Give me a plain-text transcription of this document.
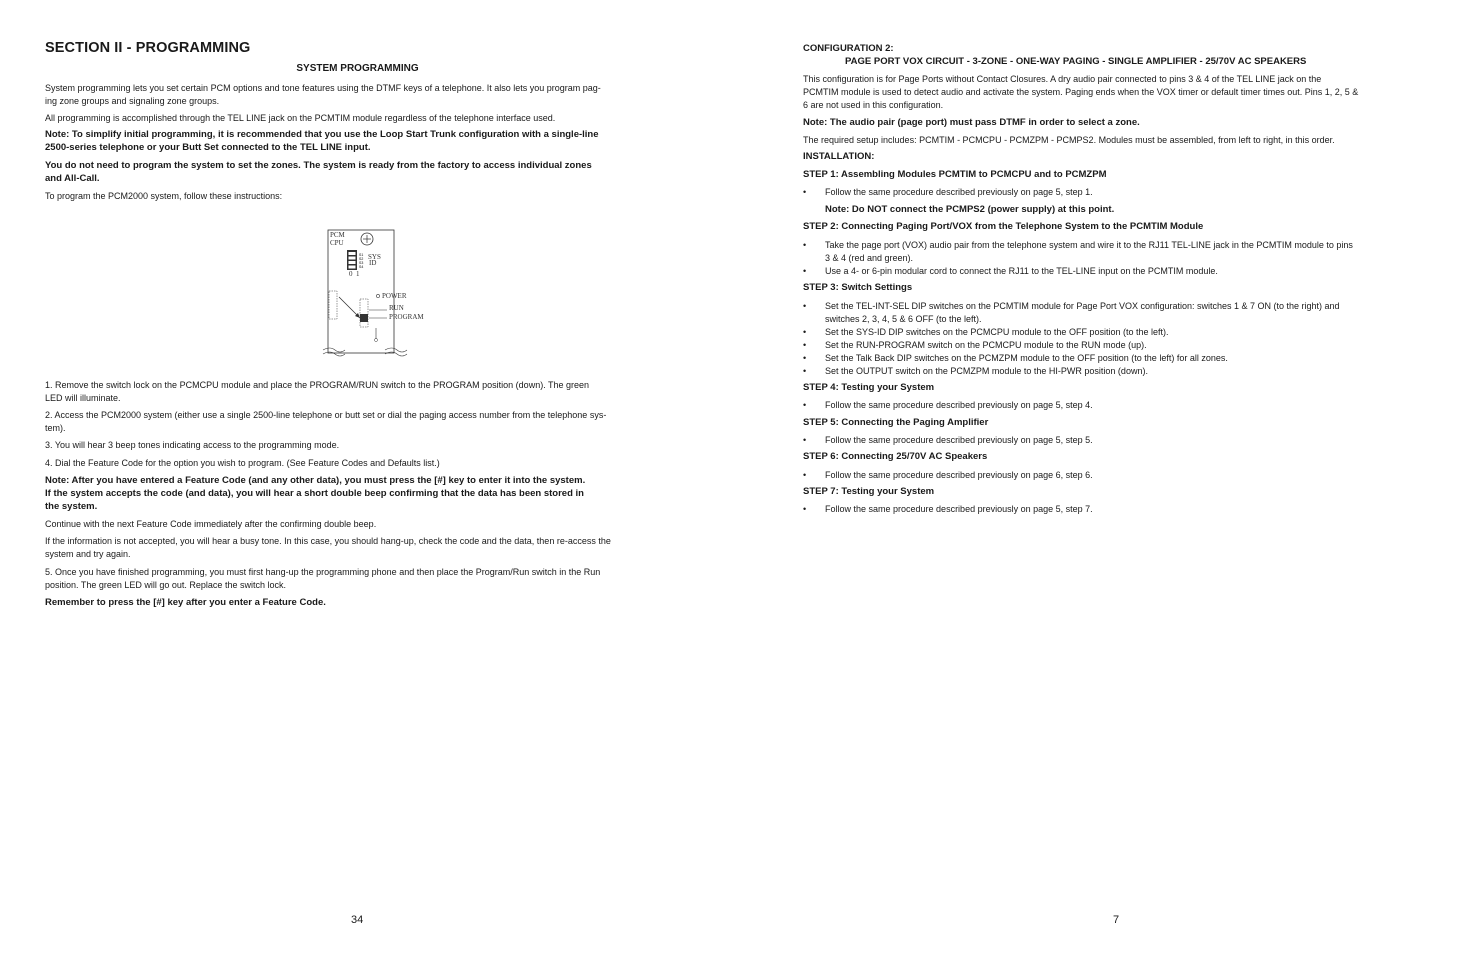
SECTION II - PROGRAMMING
SYSTEM PROGRAMMING
System programming lets you set certain PCM options and tone features using the DTMF keys of a telephone. It also lets you program pag-
ing zone groups and signaling zone groups.
All programming is accomplished through the TEL LINE jack on the PCMTIM module regardless of the telephone interface used.
Note: To simplify initial programming, it is recommended that you use the Loop Start Trunk configuration with a single-line
2500-series telephone or your Butt Set connected to the TEL LINE input.
You do not need to program the system to set the zones. The system is ready from the factory to access individual zones
and All-Call.
To program the PCM2000 system, follow these instructions:
PCM
CPU
S1
S2
S3
S4
SYS
ID
0 1
POWER
RUN
PROGRAM
1. Remove the switch lock on the PCMCPU module and place the PROGRAM/RUN switch to the PROGRAM position (down). The green
LED will illuminate.
2. Access the PCM2000 system (either use a single 2500-line telephone or butt set or dial the paging access number from the telephone sys-
tem).
3. You will hear 3 beep tones indicating access to the programming mode.
4. Dial the Feature Code for the option you wish to program. (See Feature Codes and Defaults list.)
Note: After you have entered a Feature Code (and any other data), you must press the [#] key to enter it into the system.
If the system accepts the code (and data), you will hear a short double beep confirming that the data has been stored in
the system.
Continue with the next Feature Code immediately after the confirming double beep.
If the information is not accepted, you will hear a busy tone. In this case, you should hang-up, check the code and the data, then re-access the
system and try again.
5. Once you have finished programming, you must first hang-up the programming phone and then place the Program/Run switch in the Run
position. The green LED will go out. Replace the switch lock.
Remember to press the [#] key after you enter a Feature Code.
34
CONFIGURATION 2:
PAGE PORT VOX CIRCUIT - 3-ZONE - ONE-WAY PAGING - SINGLE AMPLIFIER - 25/70V AC SPEAKERS
This configuration is for Page Ports without Contact Closures. A dry audio pair connected to pins 3 & 4 of the TEL LINE jack on the
PCMTIM module is used to detect audio and activate the system. Paging ends when the VOX timer or default timer times out. Pins 1, 2, 5 &
6 are not used in this configuration.
Note: The audio pair (page port) must pass DTMF in order to select a zone.
The required setup includes: PCMTIM - PCMCPU - PCMZPM - PCMPS2. Modules must be assembled, from left to right, in this order.
INSTALLATION:
STEP 1: Assembling Modules PCMTIM to PCMCPU and to PCMZPM
• Follow the same procedure described previously on page 5, step 1.
Note: Do NOT connect the PCMPS2 (power supply) at this point.
STEP 2: Connecting Paging Port/VOX from the Telephone System to the PCMTIM Module
• Take the page port (VOX) audio pair from the telephone system and wire it to the RJ11 TEL-LINE jack in the PCMTIM module to pins
3 & 4 (red and green).
• Use a 4- or 6-pin modular cord to connect the RJ11 to the TEL-LINE input on the PCMTIM module.
STEP 3: Switch Settings
• Set the TEL-INT-SEL DIP switches on the PCMTIM module for Page Port VOX configuration: switches 1 & 7 ON (to the right) and
switches 2, 3, 4, 5 & 6 OFF (to the left).
• Set the SYS-ID DIP switches on the PCMCPU module to the OFF position (to the left).
• Set the RUN-PROGRAM switch on the PCMCPU module to the RUN mode (up).
• Set the Talk Back DIP switches on the PCMZPM module to the OFF position (to the left) for all zones.
• Set the OUTPUT switch on the PCMZPM module to the HI-PWR position (down).
STEP 4: Testing your System
• Follow the same procedure described previously on page 5, step 4.
STEP 5: Connecting the Paging Amplifier
• Follow the same procedure described previously on page 5, step 5.
STEP 6: Connecting 25/70V AC Speakers
• Follow the same procedure described previously on page 6, step 6.
STEP 7: Testing your System
• Follow the same procedure described previously on page 5, step 7.
7
